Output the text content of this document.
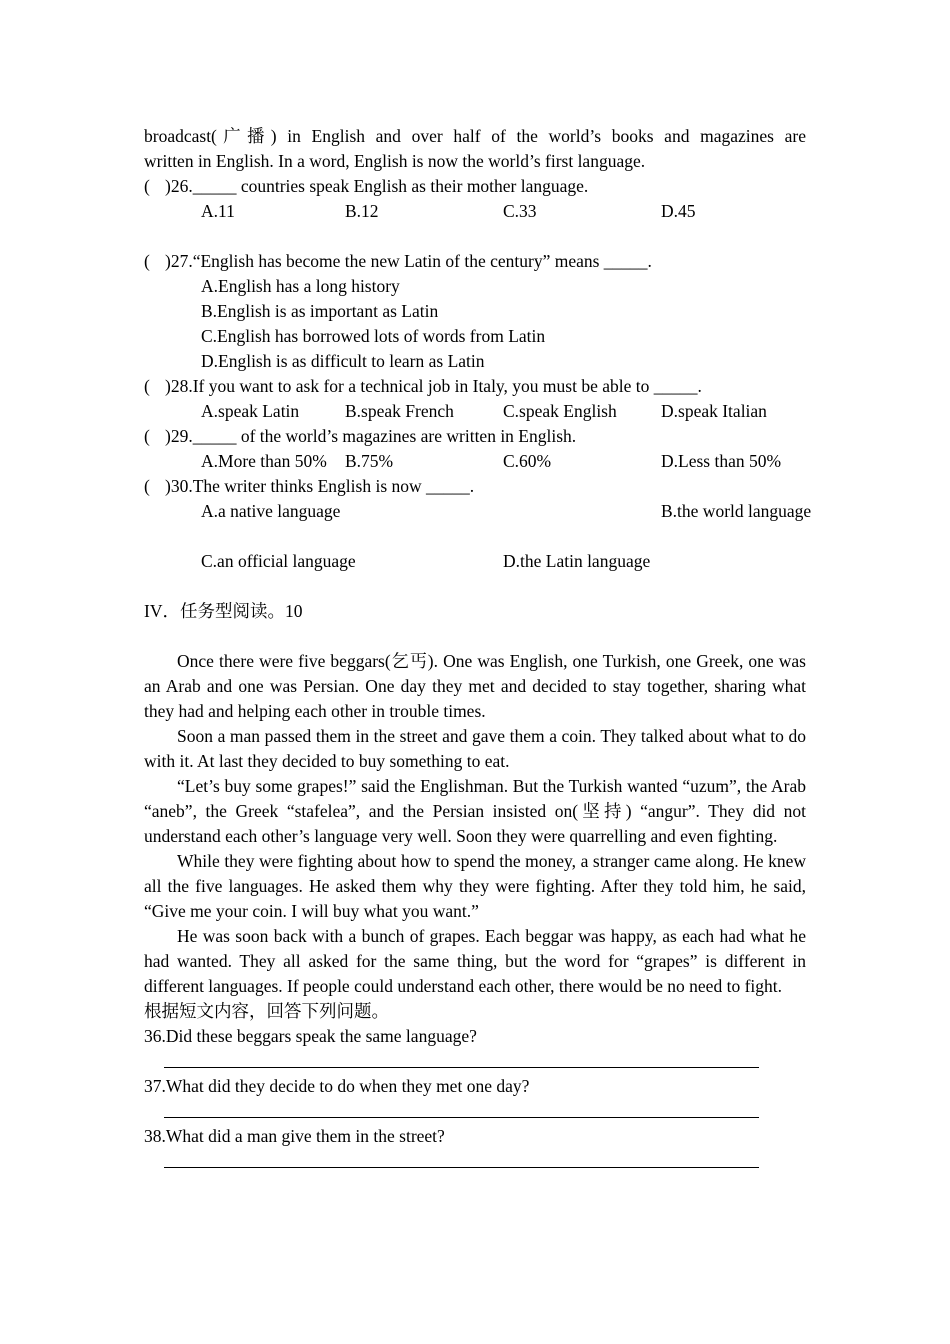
broadcast(广播) in English and over half of the world’s books and magazines are
written in English. In a word, English is now the world’s first language.
( )26._____ countries speak English as their mother language.
A.11	B.12	C.33	D.45
( )27.“English has become the new Latin of the century” means _____.
A.English has a long history
B.English is as important as Latin
C.English has borrowed lots of words from Latin
D.English is as difficult to learn as Latin
( )28.If you want to ask for a technical job in Italy, you must be able to _____.
A.speak Latin	B.speak French	C.speak English	D.speak Italian
( )29._____ of the world’s magazines are written in English.
A.More than 50% B.75%	C.60%	D.Less than 50%
( )30.The writer thinks English is now _____.
A.a native language	B.the world language
C.an official language	D.the Latin language
IV．任务型阅读。10
Once there were five beggars(乞丐). One was English, one Turkish, one Greek, one was an Arab and one was Persian. One day they met and decided to stay together, sharing what they had and helping each other in trouble times.
Soon a man passed them in the street and gave them a coin. They talked about what to do with it. At last they decided to buy something to eat.
“Let’s buy some grapes!” said the Englishman. But the Turkish wanted “uzum”, the Arab “aneb”, the Greek “stafelea”, and the Persian insisted on(坚持) “angur”. They did not understand each other’s language very well. Soon they were quarrelling and even fighting.
While they were fighting about how to spend the money, a stranger came along. He knew all the five languages. He asked them why they were fighting. After they told him, he said, “Give me your coin. I will buy what you want.”
He was soon back with a bunch of grapes. Each beggar was happy, as each had what he had wanted. They all asked for the same thing, but the word for “grapes” is different in different languages. If people could understand each other, there would be no need to fight.
根据短文内容，回答下列问题。
36.Did these beggars speak the same language?
37.What did they decide to do when they met one day?
38.What did a man give them in the street?
